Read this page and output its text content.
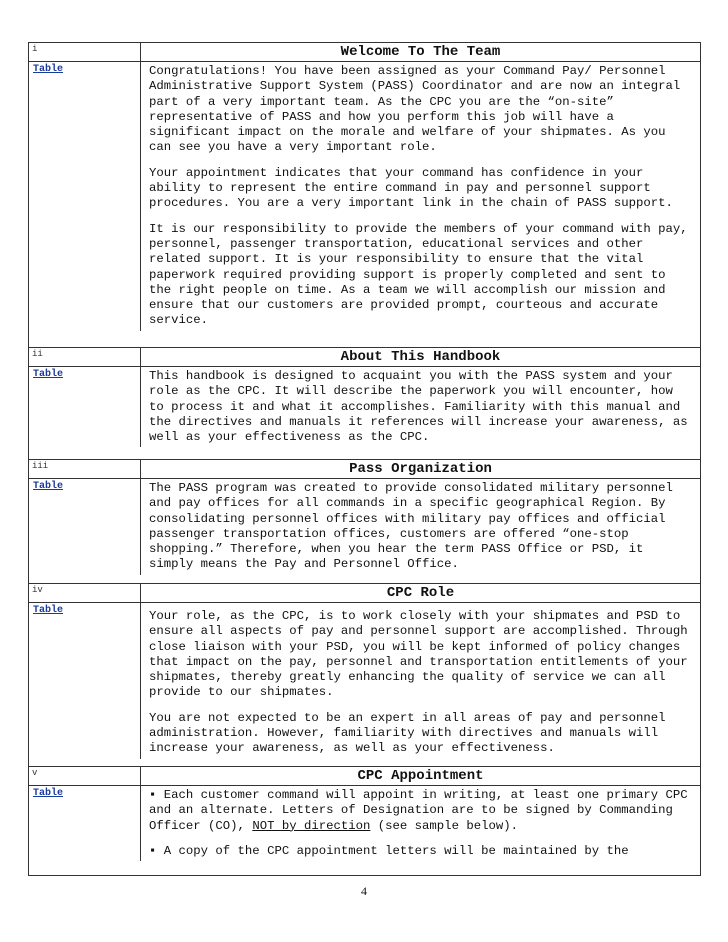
i	Welcome To The Team
Table	Congratulations! You have been assigned as your Command Pay/ Personnel Administrative Support System (PASS) Coordinator and are now an integral part of a very important team. As the CPC you are the “on-site” representative of PASS and how you perform this job will have a significant impact on the morale and welfare of your shipmates. As you can see you have a very important role.

Your appointment indicates that your command has confidence in your ability to represent the entire command in pay and personnel support procedures. You are a very important link in the chain of PASS support.

It is our responsibility to provide the members of your command with pay, personnel, passenger transportation, educational services and other related support. It is your responsibility to ensure that the vital paperwork required providing support is properly completed and sent to the right people on time. As a team we will accomplish our mission and ensure that our customers are provided prompt, courteous and accurate service.

ii	About This Handbook
Table	This handbook is designed to acquaint you with the PASS system and your role as the CPC. It will describe the paperwork you will encounter, how to process it and what it accomplishes. Familiarity with this manual and the directives and manuals it references will increase your awareness, as well as your effectiveness as the CPC.

iii	Pass Organization
Table	The PASS program was created to provide consolidated military personnel and pay offices for all commands in a specific geographical Region. By consolidating personnel offices with military pay offices and official passenger transportation offices, customers are offered “one-stop shopping.” Therefore, when you hear the term PASS Office or PSD, it simply means the Pay and Personnel Office.

iv	CPC Role
Table	Your role, as the CPC, is to work closely with your shipmates and PSD to ensure all aspects of pay and personnel support are accomplished. Through close liaison with your PSD, you will be kept informed of policy changes that impact on the pay, personnel and transportation entitlements of your shipmates, thereby greatly enhancing the quality of service we can all provide to our shipmates.

You are not expected to be an expert in all areas of pay and personnel administration. However, familiarity with directives and manuals will increase your awareness, as well as your effectiveness.

v	CPC Appointment
Table	▪ Each customer command will appoint in writing, at least one primary CPC and an alternate. Letters of Designation are to be signed by Commanding Officer (CO), NOT by direction (see sample below).

▪ A copy of the CPC appointment letters will be maintained by the

4
